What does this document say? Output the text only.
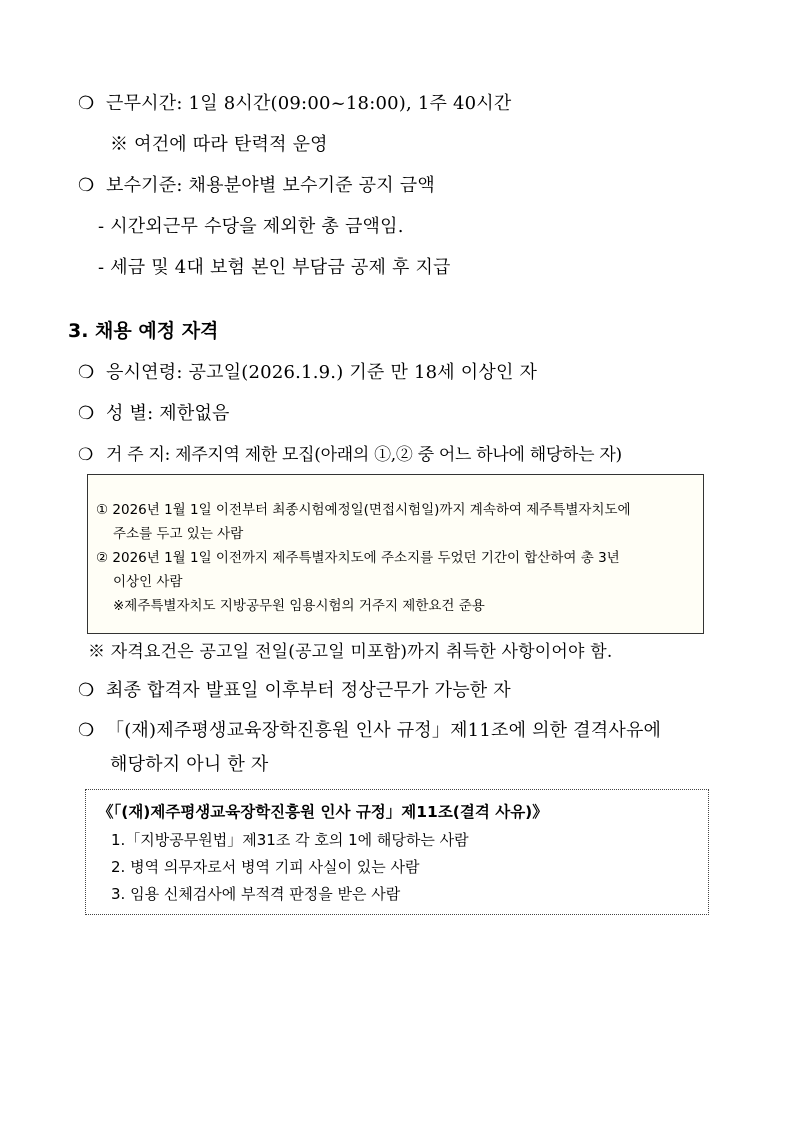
❍ 근무시간: 1일 8시간(09:00~18:00), 1주 40시간
※ 여건에 따라 탄력적 운영
❍ 보수기준: 채용분야별 보수기준 공지 금액
- 시간외근무 수당을 제외한 총 금액임.
- 세금 및 4대 보험 본인 부담금 공제 후 지급
3. 채용 예정 자격
❍ 응시연령: 공고일(2026.1.9.) 기준 만 18세 이상인 자
❍ 성 별: 제한없음
❍ 거 주 지: 제주지역 제한 모집(아래의 ①,② 중 어느 하나에 해당하는 자)
① 2026년 1월 1일 이전부터 최종시험예정일(면접시험일)까지 계속하여 제주특별자치도에
주소를 두고 있는 사람
② 2026년 1월 1일 이전까지 제주특별자치도에 주소지를 두었던 기간이 합산하여 총 3년
이상인 사람
※제주특별자치도 지방공무원 임용시험의 거주지 제한요건 준용
※ 자격요건은 공고일 전일(공고일 미포함)까지 취득한 사항이어야 함.
❍ 최종 합격자 발표일 이후부터 정상근무가 가능한 자
❍ 「(재)제주평생교육장학진흥원 인사 규정」제11조에 의한 결격사유에
해당하지 아니 한 자
《「(재)제주평생교육장학진흥원 인사 규정」제11조(결격 사유)》
1.「지방공무원법」제31조 각 호의 1에 해당하는 사람
2. 병역 의무자로서 병역 기피 사실이 있는 사람
3. 임용 신체검사에 부적격 판정을 받은 사람
